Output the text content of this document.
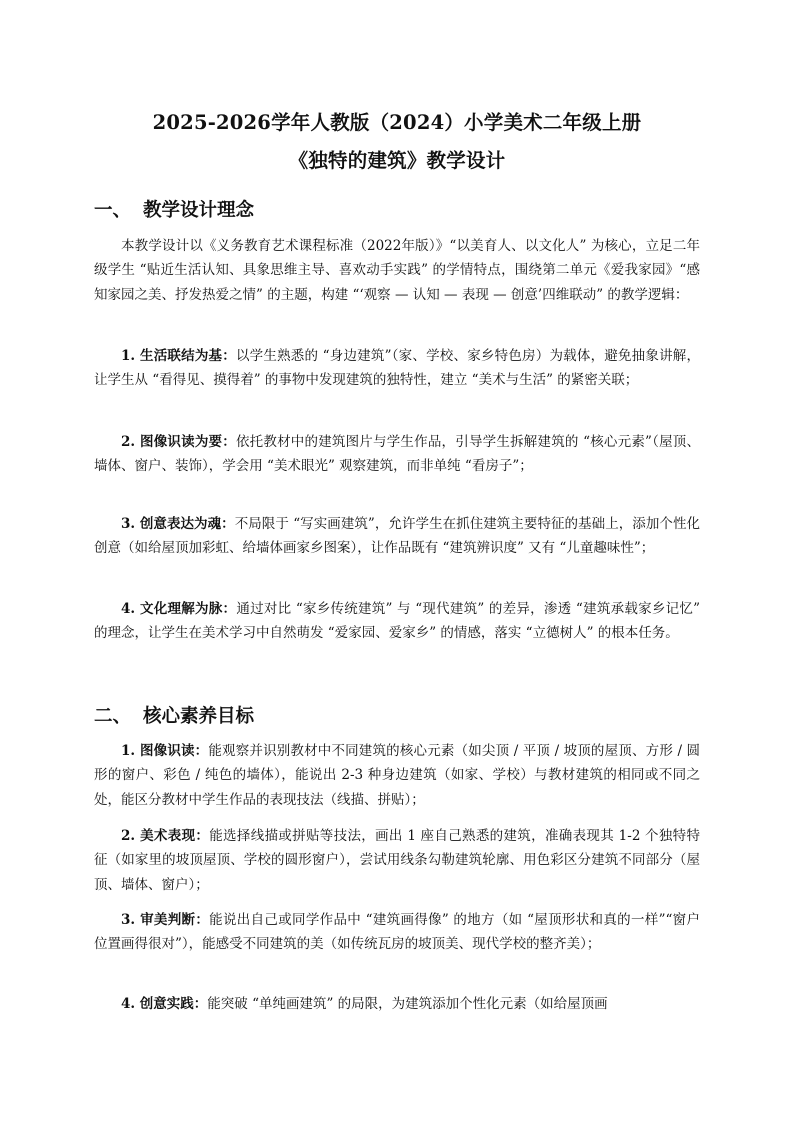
2025-2026学年人教版（2024）小学美术二年级上册
《独特的建筑》教学设计
一、 教学设计理念
本教学设计以《义务教育艺术课程标准（2022年版）》“以美育人、以文化人” 为核心，立足二年级学生 “贴近生活认知、具象思维主导、喜欢动手实践” 的学情特点，围绕第二单元《爱我家园》“感知家园之美、抒发热爱之情” 的主题，构建 “‘观察 — 认知 — 表现 — 创意’四维联动” 的教学逻辑：
1. 生活联结为基：以学生熟悉的 “身边建筑”（家、学校、家乡特色房）为载体，避免抽象讲解，让学生从 “看得见、摸得着” 的事物中发现建筑的独特性，建立 “美术与生活” 的紧密关联；
2. 图像识读为要：依托教材中的建筑图片与学生作品，引导学生拆解建筑的 “核心元素”（屋顶、墙体、窗户、装饰），学会用 “美术眼光” 观察建筑，而非单纯 “看房子”；
3. 创意表达为魂：不局限于 “写实画建筑”，允许学生在抓住建筑主要特征的基础上，添加个性化创意（如给屋顶加彩虹、给墙体画家乡图案），让作品既有 “建筑辨识度” 又有 “儿童趣味性”；
4. 文化理解为脉：通过对比 “家乡传统建筑” 与 “现代建筑” 的差异，渗透 “建筑承载家乡记忆” 的理念，让学生在美术学习中自然萌发 “爱家园、爱家乡” 的情感，落实 “立德树人” 的根本任务。
二、 核心素养目标
1. 图像识读：能观察并识别教材中不同建筑的核心元素（如尖顶 / 平顶 / 坡顶的屋顶、方形 / 圆形的窗户、彩色 / 纯色的墙体），能说出 2-3 种身边建筑（如家、学校）与教材建筑的相同或不同之处，能区分教材中学生作品的表现技法（线描、拼贴）；
2. 美术表现：能选择线描或拼贴等技法，画出 1 座自己熟悉的建筑，准确表现其 1-2 个独特特征（如家里的坡顶屋顶、学校的圆形窗户），尝试用线条勾勒建筑轮廓、用色彩区分建筑不同部分（屋顶、墙体、窗户）；
3. 审美判断：能说出自己或同学作品中 “建筑画得像” 的地方（如 “屋顶形状和真的一样”“窗户位置画得很对”），能感受不同建筑的美（如传统瓦房的坡顶美、现代学校的整齐美）；
4. 创意实践：能突破 “单纯画建筑” 的局限，为建筑添加个性化元素（如给屋顶画
